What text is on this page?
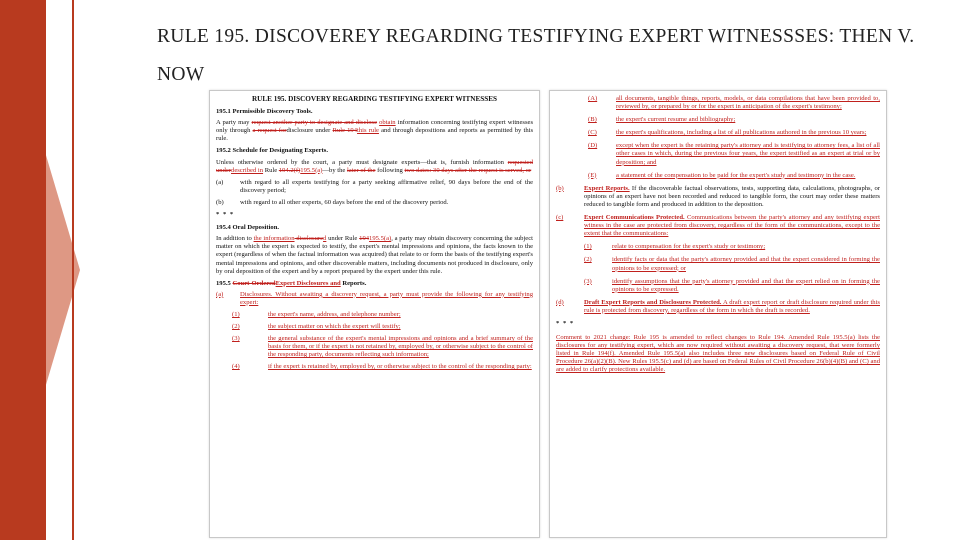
RULE 195. DISCOVEREY REGARDING TESTIFYING EXPERT WITNESSSES: THEN V. NOW
RULE 195. DISCOVERY REGARDING TESTIFYING EXPERT WITNESSES
195.1 Permissible Discovery Tools.
A party may request another party to designate and disclose obtain information concerning testifying expert witnesses only through a request fordisclosure under Rule 194this rule and through depositions and reports as permitted by this rule.
195.2 Schedule for Designating Experts.
Unless otherwise ordered by the court, a party must designate experts—that is, furnish information requested underdescribed in Rule 194.2(f)195.5(a)—by the later of the following two dates: 30 days after the request is served, or
(a)	with regard to all experts testifying for a party seeking affirmative relief, 90 days before the end of the discovery period;
(b)	with regard to all other experts, 60 days before the end of the discovery period.
* * *
195.4 Oral Deposition.
In addition to the information disclosured under Rule 194195.5(a), a party may obtain discovery concerning the subject matter on which the expert is expected to testify, the expert's mental impressions and opinions, the facts known to the expert (regardless of when the factual information was acquired) that relate to or form the basis of the testifying expert's mental impressions and opinions, and other discoverable matters, including documents not produced in disclosure, only by oral deposition of the expert and by a report prepared by the expert under this rule.
195.5 Court-OrderedExpert Disclosures and Reports.
(a)	Disclosures. Without awaiting a discovery request, a party must provide the following for any testifying expert:
(1)	the expert's name, address, and telephone number;
(2)	the subject matter on which the expert will testify;
(3)	the general substance of the expert's mental impressions and opinions and a brief summary of the basis for them, or if the expert is not retained by, employed by, or otherwise subject to the control of the responding party, documents reflecting such information;
(4)	if the expert is retained by, employed by, or otherwise subject to the control of the responding party:
(A)	all documents, tangible things, reports, models, or data compilations that have been provided to, reviewed by, or prepared by or for the expert in anticipation of the expert's testimony;
(B)	the expert's current resume and bibliography;
(C)	the expert's qualifications, including a list of all publications authored in the previous 10 years;
(D)	except when the expert is the retaining party's attorney and is testifying to attorney fees, a list of all other cases in which, during the previous four years, the expert testified as an expert at trial or by deposition; and
(E)	a statement of the compensation to be paid for the expert's study and testimony in the case.
(b)	Expert Reports. If the discoverable factual observations, tests, supporting data, calculations, photographs, or opinions of an expert have not been recorded and reduced to tangible form, the court may order these matters reduced to tangible form and produced in addition to the deposition.
(c)	Expert Communications Protected. Communications between the party's attorney and any testifying expert witness in the case are protected from discovery, regardless of the form of the communications, except to the extent that the communications:
(1)	relate to compensation for the expert's study or testimony;
(2)	identify facts or data that the party's attorney provided and that the expert considered in forming the opinions to be expressed; or
(3)	identify assumptions that the party's attorney provided and that the expert relied on in forming the opinions to be expressed.
(d)	Draft Expert Reports and Disclosures Protected. A draft expert report or draft disclosure required under this rule is protected from discovery, regardless of the form in which the draft is recorded.
* * *
Comment to 2021 change: Rule 195 is amended to reflect changes to Rule 194. Amended Rule 195.5(a) lists the disclosures for any testifying expert, which are now required without awaiting a discovery request, that were formerly listed in Rule 194(f). Amended Rule 195.5(a) also includes three new disclosures based on Federal Rule of Civil Procedure 26(a)(2)(B). New Rules 195.5(c) and (d) are based on Federal Rules of Civil Procedure 26(b)(4)(B) and (C) and are added to clarify protections available.
